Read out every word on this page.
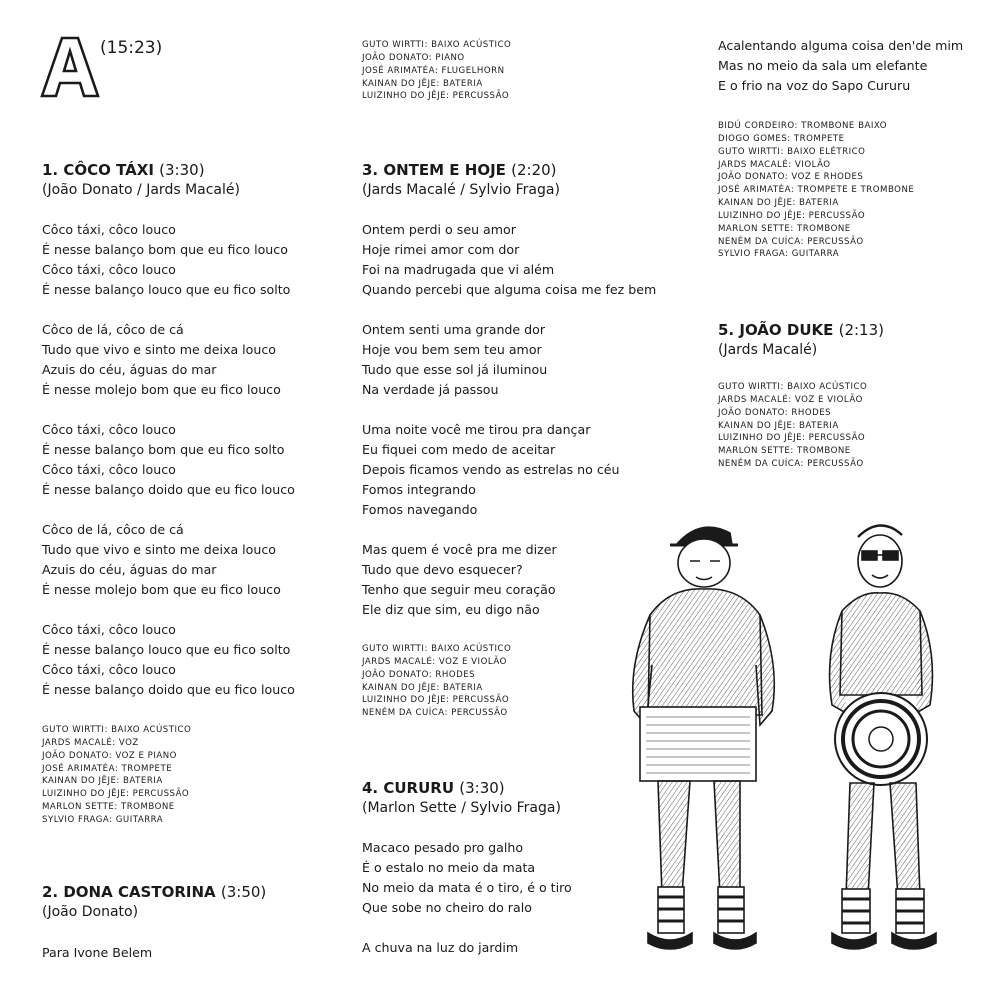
(15:23)
1. CÔCO TÁXI (3:30)
(João Donato / Jards Macalé)
Côco táxi, côco louco
É nesse balanço bom que eu fico louco
Côco táxi, côco louco
É nesse balanço louco que eu fico solto
Côco de lá, côco de cá
Tudo que vivo e sinto me deixa louco
Azuis do céu, águas do mar
É nesse molejo bom que eu fico louco
Côco táxi, côco louco
É nesse balanço bom que eu fico solto
Côco táxi, côco louco
É nesse balanço doido que eu fico louco
Côco de lá, côco de cá
Tudo que vivo e sinto me deixa louco
Azuis do céu, águas do mar
É nesse molejo bom que eu fico louco
Côco táxi, côco louco
É nesse balanço louco que eu fico solto
Côco táxi, côco louco
É nesse balanço doido que eu fico louco
GUTO WIRTTI: BAIXO ACÚSTICO
JARDS MACALÉ: VOZ
JOÃO DONATO: VOZ E PIANO
JOSÉ ARIMATÉA: TROMPETE
KAINAN DO JÊJE: BATERIA
LUIZINHO DO JÊJE: PERCUSSÃO
MARLON SETTE: TROMBONE
SYLVIO FRAGA: GUITARRA
2. DONA CASTORINA (3:50)
(João Donato)
Para Ivone Belem
GUTO WIRTTI: BAIXO ACÚSTICO
JOÃO DONATO: PIANO
JOSÉ ARIMATÉA: FLUGELHORN
KAINAN DO JÊJE: BATERIA
LUIZINHO DO JÊJE: PERCUSSÃO
3. ONTEM E HOJE (2:20)
(Jards Macalé / Sylvio Fraga)
Ontem perdi o seu amor
Hoje rimei amor com dor
Foi na madrugada que vi além
Quando percebi que alguma coisa me fez bem
Ontem senti uma grande dor
Hoje vou bem sem teu amor
Tudo que esse sol já iluminou
Na verdade já passou
Uma noite você me tirou pra dançar
Eu fiquei com medo de aceitar
Depois ficamos vendo as estrelas no céu
Fomos integrando
Fomos navegando
Mas quem é você pra me dizer
Tudo que devo esquecer?
Tenho que seguir meu coração
Ele diz que sim, eu digo não
GUTO WIRTTI: BAIXO ACÚSTICO
JARDS MACALÉ: VOZ E VIOLÃO
JOÃO DONATO: RHODES
KAINAN DO JÊJE: BATERIA
LUIZINHO DO JÊJE: PERCUSSÃO
NENÉM DA CUÍCA: PERCUSSÃO
4. CURURU (3:30)
(Marlon Sette / Sylvio Fraga)
Macaco pesado pro galho
É o estalo no meio da mata
No meio da mata é o tiro, é o tiro
Que sobe no cheiro do ralo
A chuva na luz do jardim
Acalentando alguma coisa den'de mim
Mas no meio da sala um elefante
E o frio na voz do Sapo Cururu
BIDÚ CORDEIRO: TROMBONE BAIXO
DIOGO GOMES: TROMPETE
GUTO WIRTTI: BAIXO ELÉTRICO
JARDS MACALÉ: VIOLÃO
JOÃO DONATO: VOZ E RHODES
JOSÉ ARIMATÉA: TROMPETE E TROMBONE
KAINAN DO JÊJE: BATERIA
LUIZINHO DO JÊJE: PERCUSSÃO
MARLON SETTE: TROMBONE
NENÉM DA CUÍCA: PERCUSSÃO
SYLVIO FRAGA: GUITARRA
5. JOÃO DUKE (2:13)
(Jards Macalé)
GUTO WIRTTI: BAIXO ACÚSTICO
JARDS MACALÉ: VOZ E VIOLÃO
JOÃO DONATO: RHODES
KAINAN DO JÊJE: BATERIA
LUIZINHO DO JÊJE: PERCUSSÃO
MARLON SETTE: TROMBONE
NENÉM DA CUÍCA: PERCUSSÃO
